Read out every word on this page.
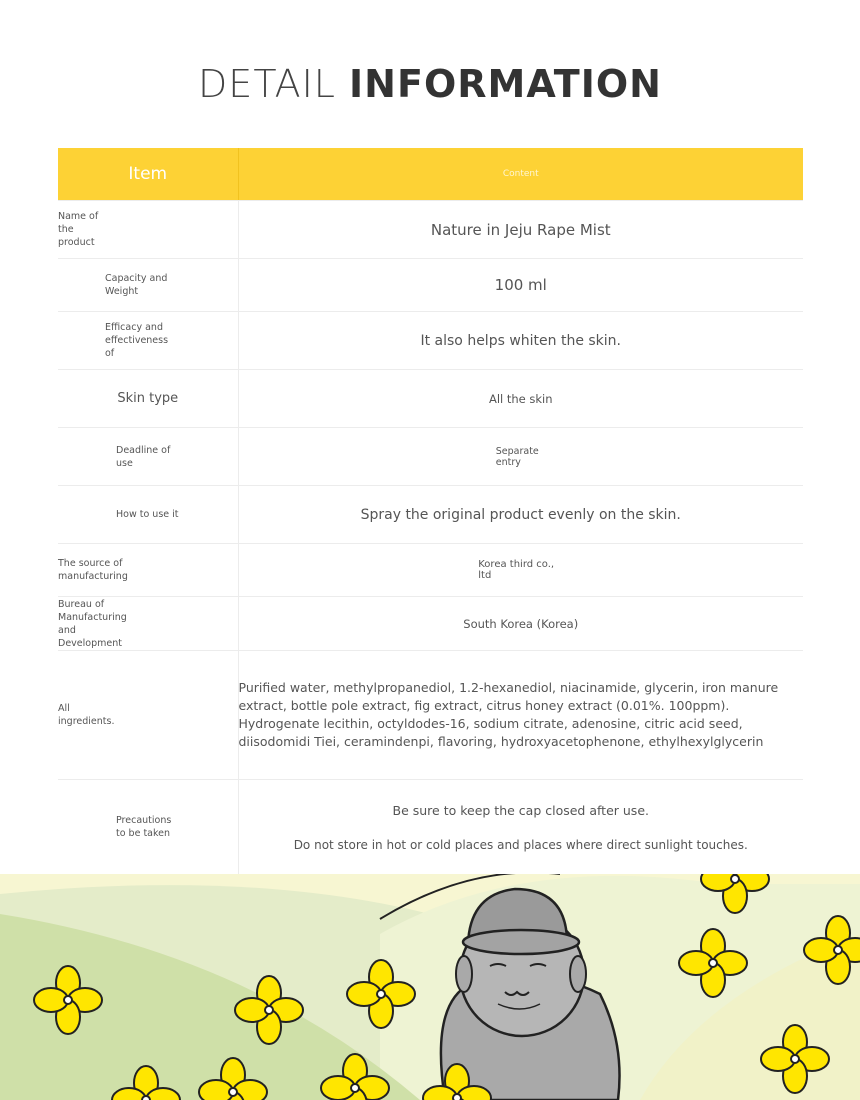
DETAIL INFORMATION
Item	Content

Name of the product	Nature in Jeju Rape Mist

Capacity and Weight	100 ml

Efficacy and effectiveness of	It also helps whiten the skin.

Skin type	All the skin

Deadline of use	Separate entry

How to use it	Spray the original product evenly on the skin.

The source of manufacturing	Korea third co., ltd

Bureau of Manufacturing and Development	South Korea (Korea)

All ingredients.	Purified water, methylpropanediol, 1.2-hexanediol, niacinamide, glycerin, iron manure extract, bottle pole extract, fig extract, citrus honey extract (0.01%. 100ppm). Hydrogenate lecithin, octyldodes-16, sodium citrate, adenosine, citric acid seed, diisodomidi Tiei, ceramindenpi, flavoring, hydroxyacetophenone, ethylhexylglycerin

Precautions to be taken	Be sure to keep the cap closed after use.

Do not store in hot or cold places and places where direct sunlight touches.
